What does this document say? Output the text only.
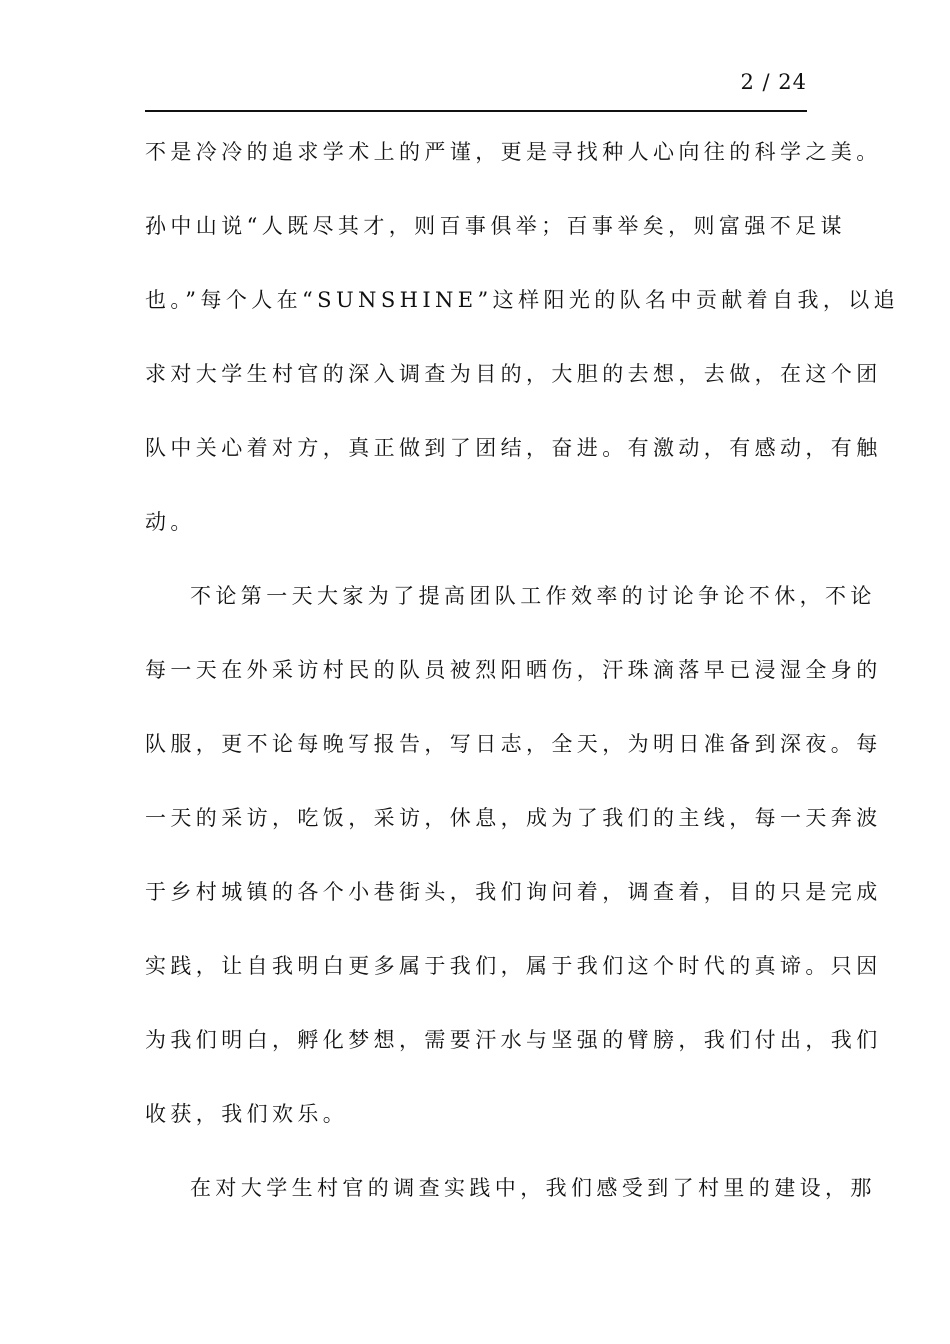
2 / 24
不是冷冷的追求学术上的严谨，更是寻找种人心向往的科学之美。
孙中山说“人既尽其才，则百事俱举；百事举矣，则富强不足谋
也。”每个人在“SUNSHINE”这样阳光的队名中贡献着自我，以追
求对大学生村官的深入调查为目的，大胆的去想，去做，在这个团
队中关心着对方，真正做到了团结，奋进。有激动，有感动，有触
动。
不论第一天大家为了提高团队工作效率的讨论争论不休，不论
每一天在外采访村民的队员被烈阳晒伤，汗珠滴落早已浸湿全身的
队服，更不论每晚写报告，写日志，全天，为明日准备到深夜。每
一天的采访，吃饭，采访，休息，成为了我们的主线，每一天奔波
于乡村城镇的各个小巷街头，我们询问着，调查着，目的只是完成
实践，让自我明白更多属于我们，属于我们这个时代的真谛。只因
为我们明白，孵化梦想，需要汗水与坚强的臂膀，我们付出，我们
收获，我们欢乐。
在对大学生村官的调查实践中，我们感受到了村里的建设，那
